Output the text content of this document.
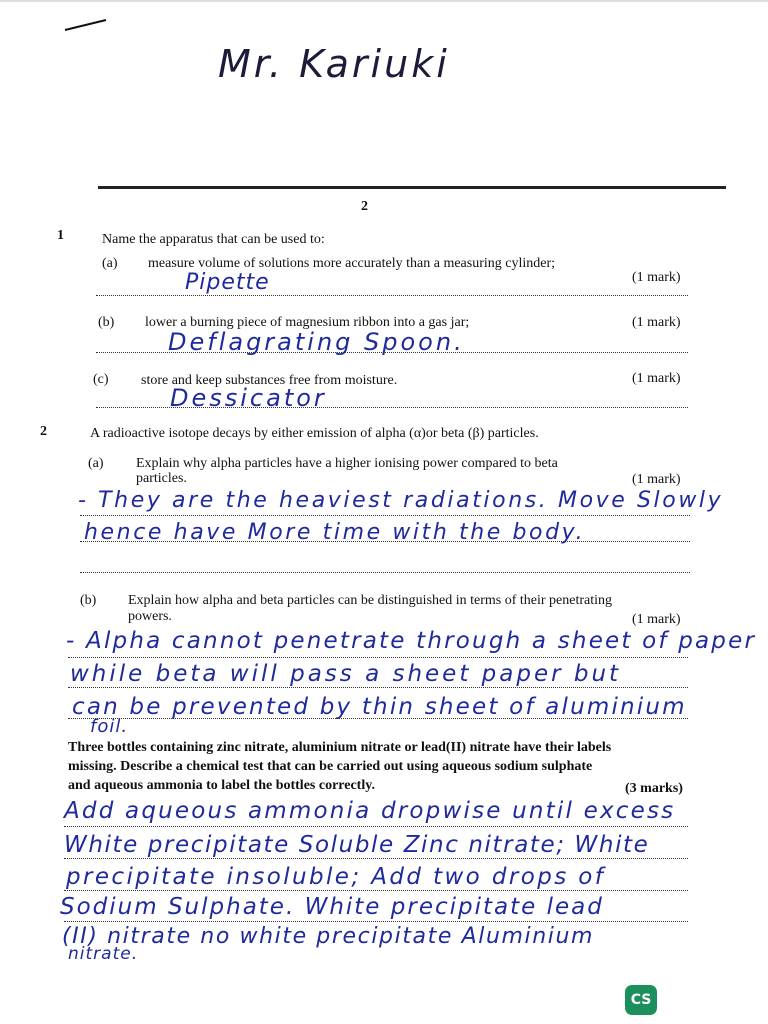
Mr. Kariuki
2
1	Name the apparatus that can be used to:
(a) measure volume of solutions more accurately than a measuring cylinder;
(1 mark)
Pipette
(b) lower a burning piece of magnesium ribbon into a gas jar;	(1 mark)
Deflagrating Spoon.
(c) store and keep substances free from moisture.	(1 mark)
Dessicator
2	A radioactive isotope decays by either emission of alpha (α)or beta (β) particles.
(a) Explain why alpha particles have a higher ionising power compared to beta
particles.	(1 mark)
- They are the heaviest radiations. Move Slowly
hence have More time with the body.
(b) Explain how alpha and beta particles can be distinguished in terms of their penetrating
powers.	(1 mark)
- Alpha cannot penetrate through a sheet of paper
while beta will pass a sheet paper but
can be prevented by thin sheet of aluminium
foil.
Three bottles containing zinc nitrate, aluminium nitrate or lead(II) nitrate have their labels
missing. Describe a chemical test that can be carried out using aqueous sodium sulphate
and aqueous ammonia to label the bottles correctly.	(3 marks)
Add aqueous ammonia dropwise until excess
White precipitate Soluble Zinc nitrate; White
precipitate insoluble; Add two drops of
Sodium Sulphate. White precipitate lead
(II) nitrate no white precipitate Aluminium
nitrate.
CS
